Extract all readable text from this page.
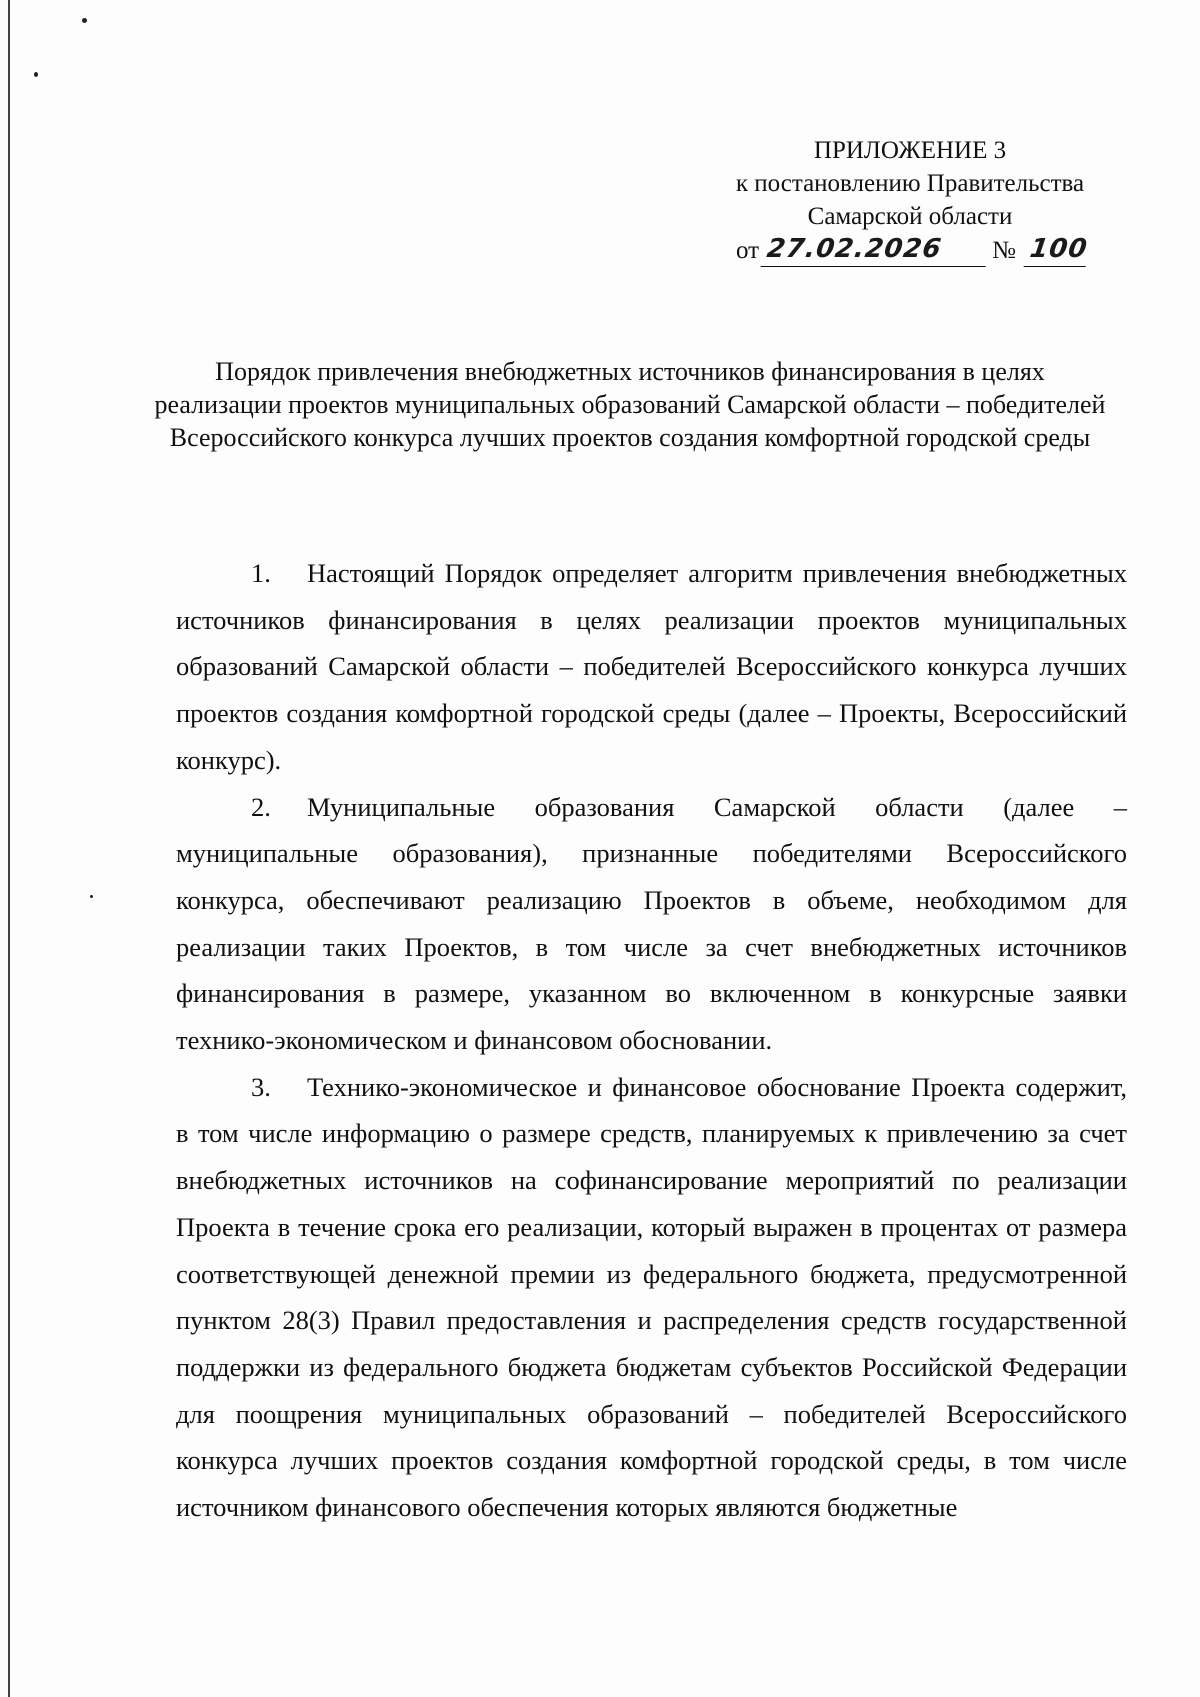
ПРИЛОЖЕНИЕ 3
к постановлению Правительства
Самарской области
от 27.02.2026	№ 100
Порядок привлечения внебюджетных источников финансирования в целях реализации проектов муниципальных образований Самарской области – победителей Всероссийского конкурса лучших проектов создания комфортной городской среды

1. Настоящий Порядок определяет алгоритм привлечения внебюджетных источников финансирования в целях реализации проектов муниципальных образований Самарской области – победителей Всероссийского конкурса лучших проектов создания комфортной городской среды (далее – Проекты, Всероссийский конкурс).

2. Муниципальные образования Самарской области (далее – муниципальные образования), признанные победителями Всероссийского конкурса, обеспечивают реализацию Проектов в объеме, необходимом для реализации таких Проектов, в том числе за счет внебюджетных источников финансирования в размере, указанном во включенном в конкурсные заявки технико-экономическом и финансовом обосновании.

3. Технико-экономическое и финансовое обоснование Проекта содержит, в том числе информацию о размере средств, планируемых к привлечению за счет внебюджетных источников на софинансирование мероприятий по реализации Проекта в течение срока его реализации, который выражен в процентах от размера соответствующей денежной премии из федерального бюджета, предусмотренной пунктом 28(3) Правил предоставления и распределения средств государственной поддержки из федерального бюджета бюджетам субъектов Российской Федерации для поощрения муниципальных образований – победителей Всероссийского конкурса лучших проектов создания комфортной городской среды, в том числе источником финансового обеспечения которых являются бюджетные
